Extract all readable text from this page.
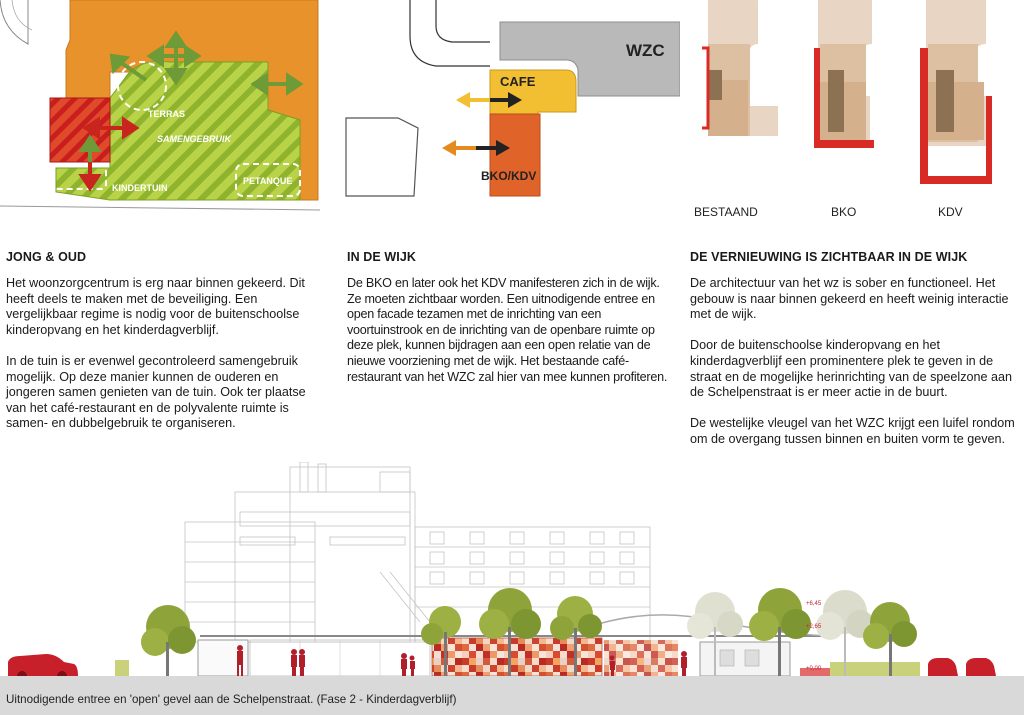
TERRAS
SAMENGEBRUIK
KINDERTUIN
PETANQUE
WZC
CAFE
BKO/KDV
BESTAAND	BKO	KDV
JONG & OUD

Het woonzorgcentrum is erg naar binnen gekeerd. Dit heeft deels te maken met de beveiliging. Een vergelijkbaar regime is nodig voor de buitenschoolse kinderopvang en het kinderdagverblijf.

In de tuin is er evenwel gecontroleerd samengebruik mogelijk. Op deze manier kunnen de ouderen en jongeren samen genieten van de tuin. Ook ter plaatse van het café-restaurant en de polyvalente ruimte is samen- en dubbelgebruik te organiseren.

IN DE WIJK

De BKO en later ook het KDV manifesteren zich in de wijk. Ze moeten zichtbaar worden. Een uitnodigende entree en open facade tezamen met de inrichting van een voortuinstrook en de inrichting van de openbare ruimte op deze plek, kunnen bijdragen aan een open relatie van de nieuwe voorziening met de wijk. Het bestaande café-restaurant van het WZC zal hier van mee kunnen profiteren.

DE VERNIEUWING IS ZICHTBAAR IN DE WIJK

De architectuur van het wz is sober en functioneel. Het gebouw is naar binnen gekeerd en heeft weinig interactie met de wijk.

Door de buitenschoolse kinderopvang en het kinderdagverblijf een prominentere plek te geven in de straat en de mogelijke herinrichting van de speelzone aan de Schelpenstraat is er meer actie in de buurt.

De westelijke vleugel van het WZC krijgt een luifel rondom om de overgang tussen binnen en buiten vorm te geven.

+6,45
+2,65
+0,00
Uitnodigende entree en 'open' gevel aan de Schelpenstraat. (Fase 2 - Kinderdagverblijf)
